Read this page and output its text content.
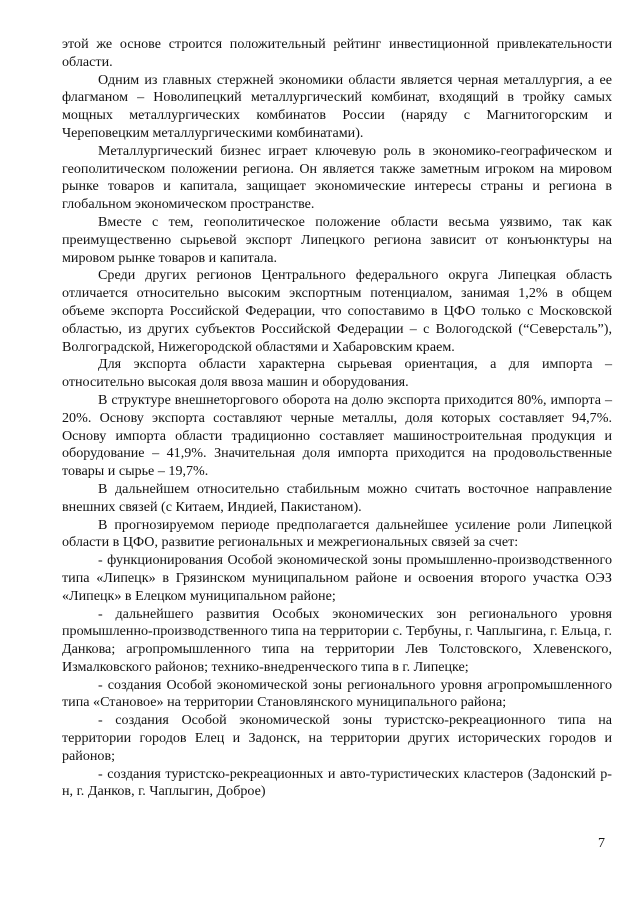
этой же основе строится положительный рейтинг инвестиционной привлекательности области.

Одним из главных стержней экономики области является черная металлургия, а ее флагманом – Новолипецкий металлургический комбинат, входящий в тройку самых мощных металлургических комбинатов России (наряду с Магнитогорским и Череповецким металлургическими комбинатами).

Металлургический бизнес играет ключевую роль в экономико-географическом и геополитическом положении региона. Он является также заметным игроком на мировом рынке товаров и капитала, защищает экономические интересы страны и региона в глобальном экономическом пространстве.

Вместе с тем, геополитическое положение области весьма уязвимо, так как преимущественно сырьевой экспорт Липецкого региона зависит от конъюнктуры на мировом рынке товаров и капитала.

Среди других регионов Центрального федерального округа Липецкая область отличается относительно высоким экспортным потенциалом, занимая 1,2% в общем объеме экспорта Российской Федерации, что сопоставимо в ЦФО только с Московской областью, из других субъектов Российской Федерации – с Вологодской (“Северсталь”), Волгоградской, Нижегородской областями и Хабаровским краем.

Для экспорта области характерна сырьевая ориентация, а для импорта – относительно высокая доля ввоза машин и оборудования.

В структуре внешнеторгового оборота на долю экспорта приходится 80%, импорта – 20%. Основу экспорта составляют черные металлы, доля которых составляет 94,7%. Основу импорта области традиционно составляет машиностроительная продукция и оборудование – 41,9%. Значительная доля импорта приходится на продовольственные товары и сырье – 19,7%.

В дальнейшем относительно стабильным можно считать восточное направление внешних связей (с Китаем, Индией, Пакистаном).

В прогнозируемом периоде предполагается дальнейшее усиление роли Липецкой области в ЦФО, развитие региональных и межрегиональных связей за счет:

- функционирования Особой экономической зоны промышленно-производственного типа «Липецк» в Грязинском муниципальном районе и освоения второго участка ОЭЗ «Липецк» в Елецком муниципальном районе;

- дальнейшего развития Особых экономических зон регионального уровня промышленно-производственного типа на территории с. Тербуны, г. Чаплыгина, г. Ельца, г. Данкова; агропромышленного типа на территории Лев Толстовского, Хлевенского, Измалковского районов; технико-внедренческого типа в г. Липецке;

- создания Особой экономической зоны регионального уровня агропромышленного типа «Становое» на территории Становлянского муниципального района;

- создания Особой экономической зоны туристско-рекреационного типа на территории городов Елец и Задонск, на территории других исторических городов и районов;

- создания туристско-рекреационных и авто-туристических кластеров (Задонский р-н, г. Данков, г. Чаплыгин, Доброе)

7
